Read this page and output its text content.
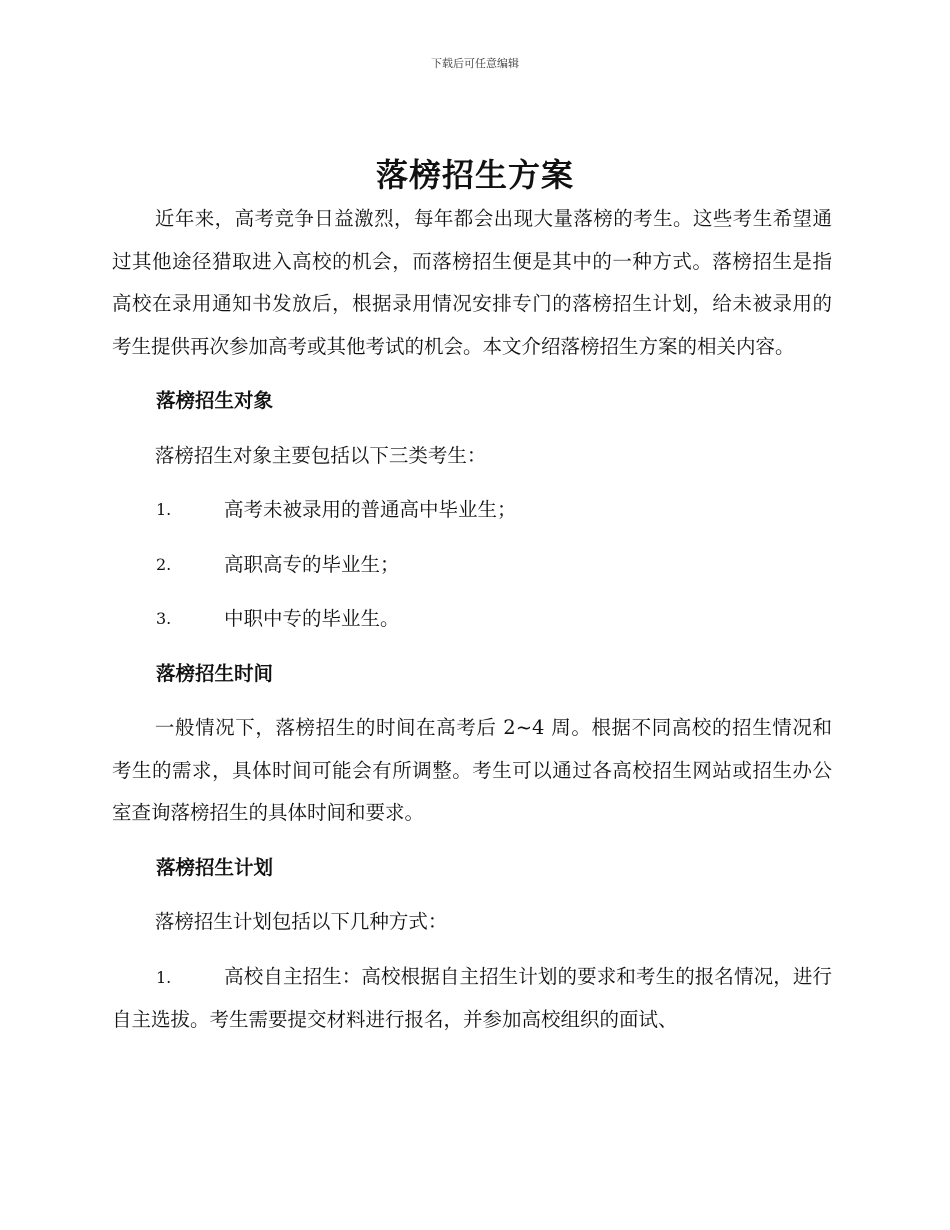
下载后可任意编辑
落榜招生方案

近年来，高考竞争日益激烈，每年都会出现大量落榜的考生。这些考生希望通过其他途径猎取进入高校的机会，而落榜招生便是其中的一种方式。落榜招生是指高校在录用通知书发放后，根据录用情况安排专门的落榜招生计划，给未被录用的考生提供再次参加高考或其他考试的机会。本文介绍落榜招生方案的相关内容。

落榜招生对象

落榜招生对象主要包括以下三类考生：

1.	高考未被录用的普通高中毕业生；

2.	高职高专的毕业生；

3.	中职中专的毕业生。

落榜招生时间

一般情况下，落榜招生的时间在高考后 2~4 周。根据不同高校的招生情况和考生的需求，具体时间可能会有所调整。考生可以通过各高校招生网站或招生办公室查询落榜招生的具体时间和要求。

落榜招生计划

落榜招生计划包括以下几种方式：

1.	高校自主招生：高校根据自主招生计划的要求和考生的报名情况，进行自主选拔。考生需要提交材料进行报名，并参加高校组织的面试、
